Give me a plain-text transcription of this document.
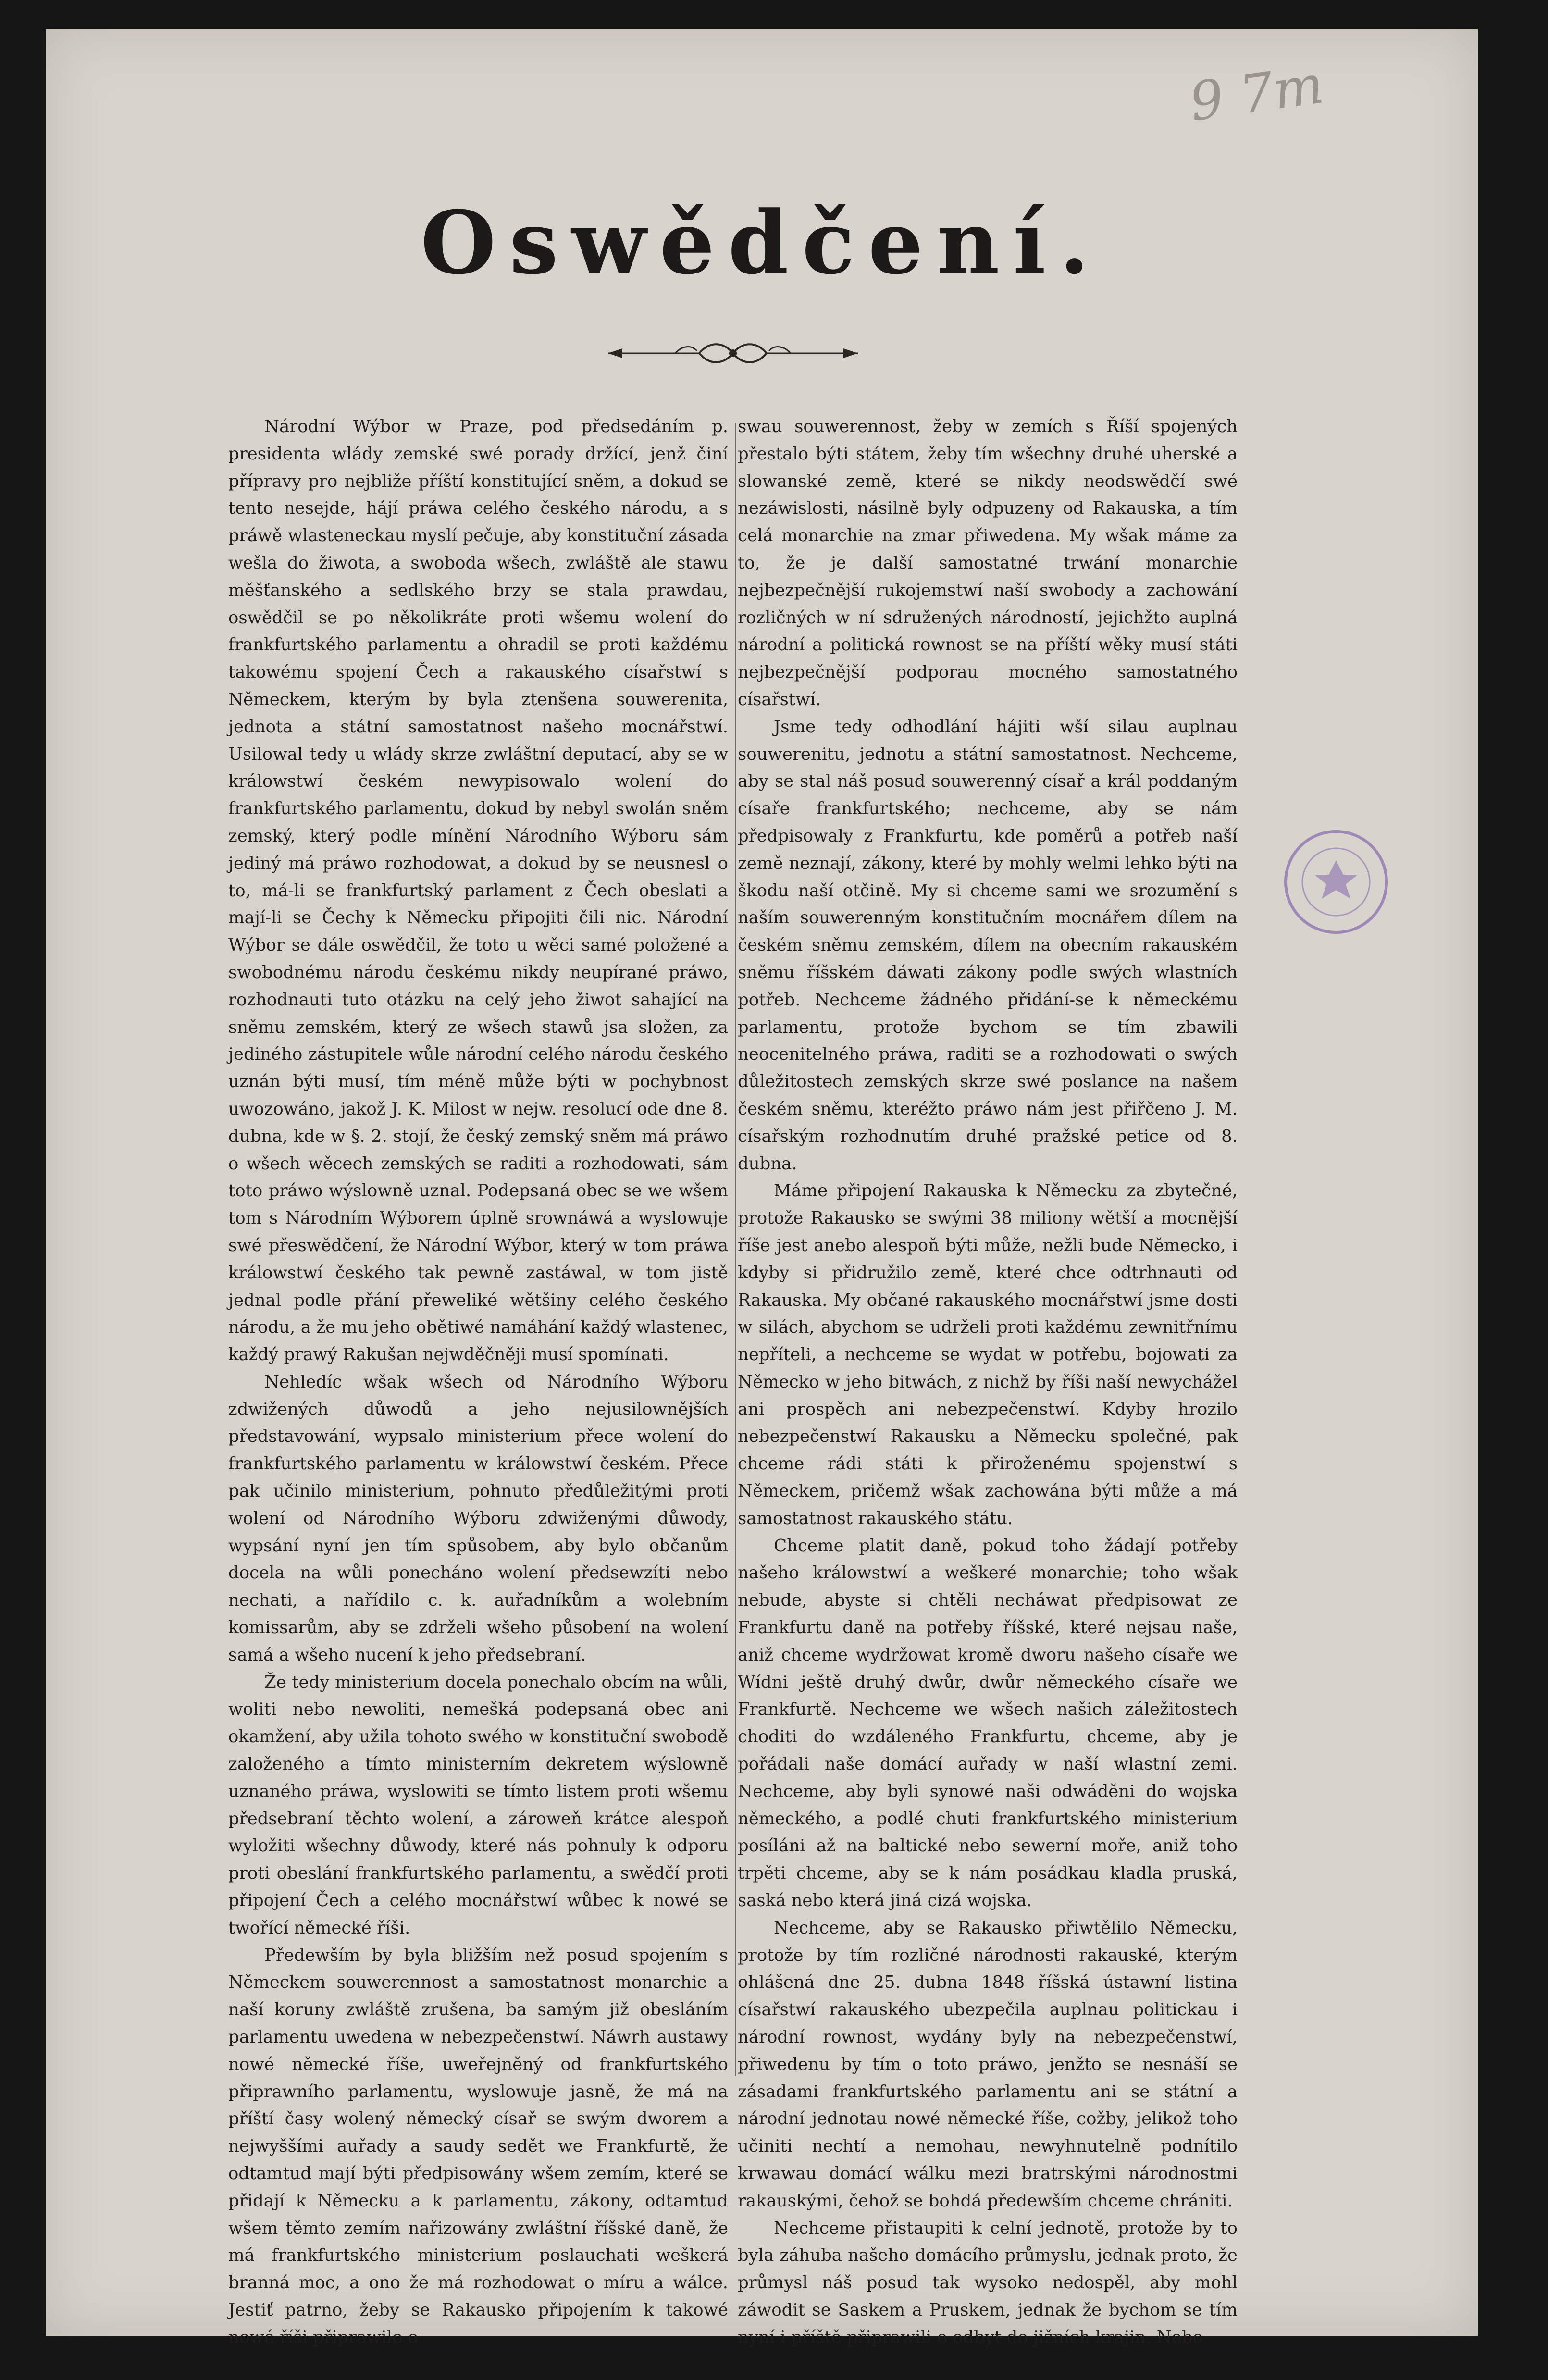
9 7m
Oswědčení.

Národní Wýbor w Praze, pod předsedáním p. presidenta wlády zemské swé porady držící, jenž činí přípravy pro nejbliže příští konstitující sněm, a dokud se tento nesejde, hájí práwa celého českého národu, a s práwě wlasteneckau myslí pečuje, aby konstituční zásada wešla do žiwota, a swoboda wšech, zwláště ale stawu měšťanského a sedlského brzy se stala prawdau, oswědčil se po několikráte proti wšemu wolení do frankfurtského parlamentu a ohradil se proti každému takowému spojení Čech a rakauského císařstwí s Německem, kterým by byla ztenšena souwerenita, jednota a státní samostatnost našeho mocnářstwí. Usilowal tedy u wlády skrze zwláštní deputací, aby se w králowstwí českém newypisowalo wolení do frankfurtského parlamentu, dokud by nebyl swolán sněm zemský, který podle mínění Národního Wýboru sám jediný má práwo rozhodowat, a dokud by se neusnesl o to, má-li se frankfurtský parlament z Čech obeslati a mají-li se Čechy k Německu připojiti čili nic. Národní Wýbor se dále oswědčil, že toto u wěci samé položené a swobodnému národu českému nikdy neupírané práwo, rozhodnauti tuto otázku na celý jeho žiwot sahající na sněmu zemském, který ze wšech stawů jsa složen, za jediného zástupitele wůle národní celého národu českého uznán býti musí, tím méně může býti w pochybnost uwozowáno, jakož J. K. Milost w nejw. resolucí ode dne 8. dubna, kde w §. 2. stojí, že český zemský sněm má práwo o wšech wěcech zemských se raditi a rozhodowati, sám toto práwo wýslowně uznal. Podepsaná obec se we wšem tom s Národním Wýborem úplně srownáwá a wyslowuje swé přeswědčení, že Národní Wýbor, který w tom práwa králowstwí českého tak pewně zastáwal, w tom jistě jednal podle přání přeweliké wětšiny celého českého národu, a že mu jeho obětiwé namáhání každý wlastenec, každý prawý Rakušan nejwděčněji musí spomínati.

Nehledíc wšak wšech od Národního Wýboru zdwižených důwodů a jeho nejusilownějších představowání, wypsalo ministerium přece wolení do frankfurtského parlamentu w králowstwí českém. Přece pak učinilo ministerium, pohnuto předůležitými proti wolení od Národního Wýboru zdwiženými důwody, wypsání nyní jen tím spůsobem, aby bylo občanům docela na wůli ponecháno wolení předsewzíti nebo nechati, a nařídilo c. k. auřadníkům a wolebním komissarům, aby se zdrželi wšeho působení na wolení samá a wšeho nucení k jeho předsebraní.

Že tedy ministerium docela ponechalo obcím na wůli, woliti nebo newoliti, nemešká podepsaná obec ani okamžení, aby užila tohoto swého w konstituční swobodě založeného a tímto ministerním dekretem wýslowně uznaného práwa, wyslowiti se tímto listem proti wšemu předsebraní těchto wolení, a zároweň krátce alespoň wyložiti wšechny důwody, které nás pohnuly k odporu proti obeslání frankfurtského parlamentu, a swědčí proti připojení Čech a celého mocnářstwí wůbec k nowé se twořící německé říši.

Předewším by byla bližším než posud spojením s Německem souwerennost a samostatnost monarchie a naší koruny zwláště zrušena, ba samým již obesláním parlamentu uwedena w nebezpečenstwí. Náwrh austawy nowé německé říše, uweřejněný od frankfurtského připrawního parlamentu, wyslowuje jasně, že má na příští časy wolený německý císař se swým dworem a nejwyššími auřady a saudy sedět we Frankfurtě, že odtamtud mají býti předpisowány wšem zemím, které se přidají k Německu a k parlamentu, zákony, odtamtud wšem těmto zemím nařizowány zwláštní říšské daně, že má frankfurtského ministerium poslauchati weškerá branná moc, a ono že má rozhodowat o míru a wálce. Jestiť patrno, žeby se Rakausko připojením k takowé nowé říši připrawilo o

swau souwerennost, žeby w zemích s Říší spojených přestalo býti státem, žeby tím wšechny druhé uherské a slowanské země, které se nikdy neodswědčí swé nezáwislosti, násilně byly odpuzeny od Rakauska, a tím celá monarchie na zmar přiwedena. My wšak máme za to, že je další samostatné trwání monarchie nejbezpečnější rukojemstwí naší swobody a zachowání rozličných w ní sdružených národností, jejichžto auplná národní a politická rownost se na příští wěky musí státi nejbezpečnější podporau mocného samostatného císařstwí.

Jsme tedy odhodlání hájiti wší silau auplnau souwerenitu, jednotu a státní samostatnost. Nechceme, aby se stal náš posud souwerenný císař a král poddaným císaře frankfurtského; nechceme, aby se nám předpisowaly z Frankfurtu, kde poměrů a potřeb naší země neznají, zákony, které by mohly welmi lehko býti na škodu naší otčině. My si chceme sami we srozumění s naším souwerenným konstitučním mocnářem dílem na českém sněmu zemském, dílem na obecním rakauském sněmu říšském dáwati zákony podle swých wlastních potřeb. Nechceme žádného přidání-se k německému parlamentu, protože bychom se tím zbawili neocenitelného práwa, raditi se a rozhodowati o swých důležitostech zemských skrze swé poslance na našem českém sněmu, kteréžto práwo nám jest přiřčeno J. M. císařským rozhodnutím druhé pražské petice od 8. dubna.

Máme připojení Rakauska k Německu za zbytečné, protože Rakausko se swými 38 miliony wětší a mocnější říše jest anebo alespoň býti může, nežli bude Německo, i kdyby si přidružilo země, které chce odtrhnauti od Rakauska. My občané rakauského mocnářstwí jsme dosti w silách, abychom se udrželi proti každému zewnitřnímu nepříteli, a nechceme se wydat w potřebu, bojowati za Německo w jeho bitwách, z nichž by říši naší newychážel ani prospěch ani nebezpečenstwí. Kdyby hrozilo nebezpečenstwí Rakausku a Německu společné, pak chceme rádi státi k přiroženému spojenstwí s Německem, pričemž wšak zachowána býti může a má samostatnost rakauského státu.

Chceme platit daně, pokud toho žádají potřeby našeho králowstwí a weškeré monarchie; toho wšak nebude, abyste si chtěli necháwat předpisowat ze Frankfurtu daně na potřeby říšské, které nejsau naše, aniž chceme wydržowat kromě dworu našeho císaře we Wídni ještě druhý dwůr, dwůr německého císaře we Frankfurtě. Nechceme we wšech našich záležitostech choditi do wzdáleného Frankfurtu, chceme, aby je pořádali naše domácí auřady w naší wlastní zemi. Nechceme, aby byli synowé naši odwáděni do wojska německého, a podlé chuti frankfurtského ministerium posíláni až na baltické nebo sewerní moře, aniž toho trpěti chceme, aby se k nám posádkau kladla pruská, saská nebo která jiná cizá wojska.

Nechceme, aby se Rakausko přiwtělilo Německu, protože by tím rozličné národnosti rakauské, kterým ohlášená dne 25. dubna 1848 říšská ústawní listina císařstwí rakauského ubezpečila auplnau politickau i národní rownost, wydány byly na nebezpečenstwí, přiwedenu by tím o toto práwo, jenžto se nesnáší se zásadami frankfurtského parlamentu ani se státní a národní jednotau nowé německé říše, cožby, jelikož toho učiniti nechtí a nemohau, newyhnutelně podnítilo krwawau domácí wálku mezi bratrskými národnostmi rakauskými, čehož se bohdá předewším chceme chrániti.

Nechceme přistaupiti k celní jednotě, protože by to byla záhuba našeho domácího průmyslu, jednak proto, že průmysl náš posud tak wysoko nedospěl, aby mohl záwodit se Saskem a Pruskem, jednak že bychom se tím nyní i příště připrawili o odbyt do jižních krajin. Nebo
